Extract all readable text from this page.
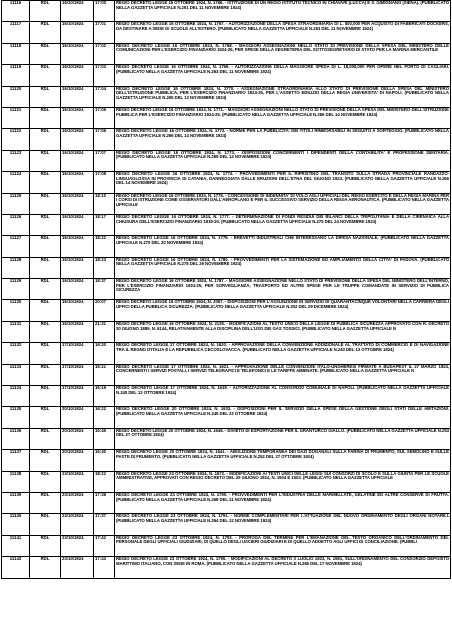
11116	RDL	16/10/1924	17:00	REGIO DECRETO LEGGE 16 OTTOBRE 1924, N. 1766. - ISTITUZIONE DI UN REGIO ISTITUTO TECNICO IN CHIAVARI (LUCCA) E S. GIMIGNANO (SIENA). (PUBBLICATO NELLA GAZZETTA UFFICIALE N.261 DEL 11 NOVEMBRE 1924)
11117	RDL	16/10/1924	17:01	REGIO DECRETO LEGGE 16 OTTOBRE 1924, N. 1767. - AUTORIZZAZIONE DELLA SPESA STRAORDINARIA DI L. 500,000 PER ACQUISTO DI FABBRICATI DOCKERS, DA DESTINARE A SEDE DI SCUOLE ALL'ESTERO. (PUBBLICATO NELLA GAZZETTA UFFICIALE N.263 DEL 11 NOVEMBRE 1924)
11118	RDL	16/10/1924	17:02	REGIO DECRETO LEGGE 16 OTTOBRE 1924, N. 1768. - MAGGIORI ASSEGNAZIONI NELLO STATO DI PREVISIONE DELLA SPESA DEL MINISTERO DELLE COMUNICAZIONI PER L'ESERCIZIO FINANZIARIO 1924-25, PER SPESE DELLA SEGRETERIA DEL SOTTOSEGRETARIO DI STATO PER LA MARINA MERCANTILE
11119	RDL	16/10/1924	17:03	REGIO DECRETO LEGGE 16 OTTOBRE 1924, N. 1769. - AUTORIZZAZIONE DELLA MAGGIORE SPESA DI L. 18,000,000 PER OPERE NEL PORTO DI CAGLIARI. (PUBBLICATO NELLA GAZZETTA UFFICIALE N.263 DEL 11 NOVEMBRE 1924)
11120	RDL	16/10/1924	17:04	REGIO DECRETO LEGGE 16 OTTOBRE 1924, N. 1770. - ASSEGNAZIONE STRAORDINARIA ALLO STATO DI PREVISIONE DELLA SPESA DEL MINISTERO DELL'ISTRUZIONE PUBBLICA, PER L'ESERCIZIO FINANZIARIO 1924-25, PER L'ASSETTO EDILIZIO DELLA REGIA UNIVERSITA' DI NAPOLI. (PUBBLICATO NELLA GAZZETTA UFFICIALE N.265 DEL 13 NOVEMBRE 1924)
11121	RDL	16/10/1924	17:05	REGIO DECRETO LEGGE 16 OTTOBRE 1924, N. 1771. - MAGGIORI ASSEGNAZIONI NELLO STATO DI PREVISIONE DELLA SPESA DEL MINISTERO DELL'ISTRUZIONE PUBBLICA PER L'ESERCIZIO FINANZIARIO 1924-25. (PUBBLICATO NELLA GAZZETTA UFFICIALE N.266 DEL 14 NOVEMBRE 1924)
11122	RDL	16/10/1924	17:06	REGIO DECRETO LEGGE 16 OTTOBRE 1924, N. 1772. - NORME PER LA PUBBLICITA' DEI TITOLI RIMBORSABILI IN SEGUITO A SORTEGGIO. (PUBBLICATO NELLA GAZZETTA UFFICIALE N.266 DEL 14 NOVEMBRE 1924)
11123	RDL	16/10/1924	17:07	REGIO DECRETO LEGGE 16 OTTOBRE 1924, N. 1773. - DISPOSIZIONI CONCERNENTI I DIPENDENTI DELLA CONTABILITA' E PROFESSIONE DENTARIA. (PUBBLICATO NELLA GAZZETTA UFFICIALE N.265 DEL 13 NOVEMBRE 1924)
11124	RDL	16/10/1924	17:08	REGIO DECRETO LEGGE 16 OTTOBRE 1924, N. 1774. - PROVVEDIMENTI PER IL RIPRISTINO DEL TRANSITO SULLA STRADA PROVINCIALE RANDAZZO-LINGUAGLOSSA IN PROVINCIA DI CATANIA, DANNEGGIATA DALLE ERUZIONI DELL'ETNA DEL GIUGNO 1923. (PUBBLICATO NELLA GAZZETTA UFFICIALE N.266 DEL 14 NOVEMBRE 1924)
11125	RDL	16/10/1924	18:10	REGIO DECRETO LEGGE 16 OTTOBRE 1924, N. 1776. - CONCESSIONE DI INDENNITA' DI VOLO AGLI UFFICIALI DEL REGIO ESERCITO E DELLA REGIA MARINA PER I CORSI DI ISTRUZIONE COME OSSERVATORI DALL'AEROPLANO E PER IL SUCCESSIVO SERVIZIO DELLA REGIA AERONAUTICA. (PUBBLICATO NELLA GAZZETTA UFFICIALE
11126	RDL	16/10/1924	18:17	REGIO DECRETO LEGGE 16 OTTOBRE 1924, N. 1777. - DETERMINAZIONE DI FONDI RESIDUI DEI BILANCI DELLA TRIPOLITANIA E DELLA CIRENAICA ALLA CHIUSURA DELL'ESERCIZIO FINANZIARIO 1919-20. (PUBBLICATO NELLA GAZZETTA UFFICIALE N.275 DEL 24 NOVEMBRE 1924)
11127	RDL	16/10/1924	18:22	REGIO DECRETO LEGGE 16 OTTOBRE 1924, N. 1779. - BREVETTI INDUSTRIALI CHE INTERESSANO LA DIFESA NAZIONALE. (PUBBLICATO NELLA GAZZETTA UFFICIALE N.270 DEL 20 NOVEMBRE 1924)
11128	RDL	16/10/1924	18:23	REGIO DECRETO LEGGE 16 OTTOBRE 1924, N. 1780. - PROVVEDIMENTI PER LA SISTEMAZIONE ED AMPLIAMENTO DELLA CITTA' DI PADOVA. (PUBBLICATO NELLA GAZZETTA UFFICIALE N.278 DEL 26 NOVEMBRE 1924)
11129	RDL	16/10/1924	18:37	REGIO DECRETO LEGGE 16 OTTOBRE 1924, N. 1787. - MAGGIORE ASSEGNAZIONE NELLO STATO DI PREVISIONE DELLA SPESA DEL MINISTERO DELL'INTERNO, PER L'ESERCIZIO FINANZIARIO 1924-25, PER SORVEGLIANZA, TRASPORTO ED ALTRE SPESE PER LE TRUPPE COMANDATE IN SERVIZIO DI PUBBLICA SICUREZZA
11130	RDL	16/10/1924	20:07	REGIO DECRETO LEGGE 16 OTTOBRE 1924, N. 2067. - DISPOSIZIONI PER L'ASSUNZIONE IN SERVIZIO DI QUARANTACINQUE VOLONTARI NELLA CARRIERA DEGLI UFFICI DELLA PUBBLICA SICUREZZA. (PUBBLICATO NELLA GAZZETTA UFFICIALE N.302 DEL 29 DICEMBRE 1924)
11131	RDL	16/10/1924	21:31	REGIO DECRETO LEGGE 16 OTTOBRE 1924, N. 2135. - MODIFICAZIONI AL TESTO UNICO DELLA LEGGE DI PUBBLICA SICUREZZA APPROVATO CON R. DECRETO 30 GIUGNO 1889, N. 6144, RELATIVAMENTE ALLA DISCIPLINA DELL'USO DEI GAS TOSSICI. (PUBBLICATO NELLA GAZZETTA UFFICIALE N
11132	RDL	17/10/1924	16:20	REGIO DECRETO LEGGE 17 OTTOBRE 1924, N. 1620. - APPROVAZIONE DELLA CONVENZIONE ADDIZIONALE AL TRATTATO DI COMMERCIO E DI NAVIGAZIONE TRA IL REGNO D'ITALIA E LA REPUBBLICA CECOSLOVACCA. (PUBBLICATO NELLA GAZZETTA UFFICIALE N.240 DEL 13 OTTOBRE 1924)
11133	RDL	17/10/1924	16:21	REGIO DECRETO LEGGE 17 OTTOBRE 1924, N. 1621. - APPROVAZIONE DELLE CONVENZIONI ITALO-UNGHERESI FIRMATE A BUDAPEST IL 27 MARZO 1924, CONCERNENTI I SERVIZI POSTALI, I SERVIZI TELEGRAFICI E TELEFONICI E LE TARIFFE ABBINATE. (PUBBLICATO NELLA GAZZETTA UFFICIALE N
11134	RDL	17/10/1924	16:19	REGIO DECRETO LEGGE 17 OTTOBRE 1924, N. 1619. - AUTORIZZAZIONE AL CONSORZIO COMUNALE DI NAPOLI. (PUBBLICATO NELLA GAZZETTA UFFICIALE N.240 DEL 13 OTTOBRE 1924)
11135	RDL	20/10/1924	16:22	REGIO DECRETO LEGGE 20 OTTOBRE 1924, N. 1633. - DISPOSIZIONI PER IL SERVIZIO DELLA SPESE DELLA GESTIONE DEGLI STATI DELLE ABITAZIONI. (PUBBLICATO NELLA GAZZETTA UFFICIALE N.245 DEL 22 OTTOBRE 1924)
11136	RDL	20/10/1924	16:45	REGIO DECRETO LEGGE 20 OTTOBRE 1924, N. 1646. - DIVIETO DI ESPORTAZIONE PER IL GRANTURCO GIALLO. (PUBBLICATO NELLA GAZZETTA UFFICIALE N.253 DEL 27 OTTOBRE 1924)
11137	RDL	20/10/1924	16:40	REGIO DECRETO LEGGE 20 OTTOBRE 1924, N. 1641. - ABOLIZIONE TEMPORANEA DEI DAZI DOGANALI SULLA FARINA DI FRUMENTO, SUL SEMOLINO E SULLE PASTE DI FRUMENTO. (PUBBLICATO NELLA GAZZETTA UFFICIALE N.252 DEL 27 OTTOBRE 1924)
11138	RDL	23/10/1924	18:22	REGIO DECRETO LEGGE 23 OTTOBRE 1924, N. 1672. - MODIFICAZIONI AI TESTI UNICI DELLE LEGGI SUI CONSORZI DI SCOLO E SULLA GIUNTA PER LE SCUOLE AMMINISTRATIVE, APPROVATI CON REGIO DECRETO DEL 25 GIUGNO 1924, N. 1504 E 1503. (PUBBLICATO NELLA GAZZETTA UFFICIALE
11139	RDL	23/10/1924	17:38	REGIO DECRETO LEGGE 23 OTTOBRE 1924, N. 1790. - PROVVEDIMENTI PER L'INDUSTRIA DELLE MARMELLATE, GELATINE ED ALTRE CONSERVE DI FRUTTA. (PUBBLICATO NELLA GAZZETTA UFFICIALE N.268 DEL 11 NOVEMBRE 1924)
11140	RDL	23/10/1924	17:37	REGIO DECRETO LEGGE 23 OTTOBRE 1924, N. 1791. - NORME COMPLEMENTARI PER L'ATTUAZIONE DEL NUOVO ORDINAMENTO DEGLI ORGANI NOTARILI. (PUBBLICATO NELLA GAZZETTA UFFICIALE N.264 DEL 12 NOVEMBRE 1924)
11141	RDL	23/10/1924	17:42	REGIO DECRETO LEGGE 23 OTTOBRE 1924, N. 1793. - PROROGA DEL TERMINE PER L'EMANAZIONE DEL TESTO ORGANICO DELL'ORDINAMENTO DEL PERSONALE DEGLI UFFICIALI GIUDIZIARI, DI QUELLO DEGLI USCIERI GIUDIZIARI E DI QUELLO ADDETTO AGLI UFFICI DI CONCILIAZIONE. (PUBBLI
11142	RDL	23/10/1924	17:43	REGIO DECRETO LEGGE 23 OTTOBRE 1924, N. 1795. - MODIFICAZIONI AL DECRETO 3 LUGLIO 1923, N. 1591, SULL'ORDINAMENTO DEL CONSORZIO DEPOSITO MARITTIMO ITALIANO, CON SEDE IN ROMA. (PUBBLICATO NELLA GAZZETTA UFFICIALE N.266 DEL 17 NOVEMBRE 1924)
